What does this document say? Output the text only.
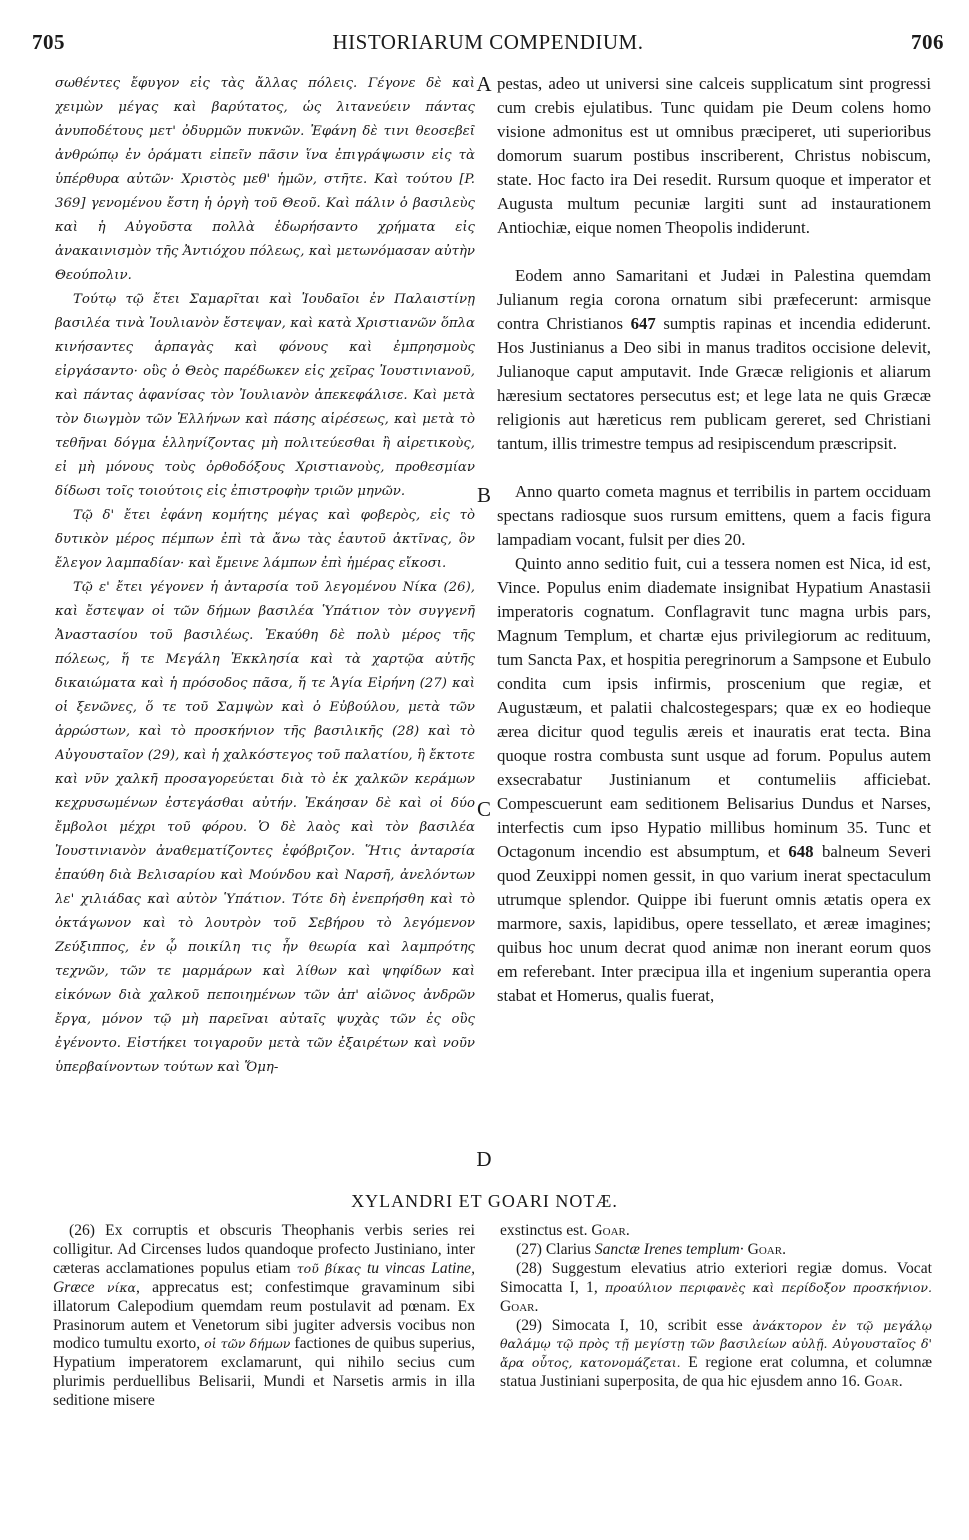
705	HISTORIARUM COMPENDIUM.	706

σωθέντες ἔφυγον εἰς τὰς ἄλλας πόλεις. Γέγονε δὲ καὶ χειμὼν μέγας καὶ βαρύτατος, ὡς λιτανεύειν πάντας ἀνυποδέτους μετ' ὀδυρμῶν πυκνῶν. Ἐφάνη δὲ τινι θεοσεβεῖ ἀνθρώπῳ ἐν ὁράματι εἰπεῖν πᾶσιν ἵνα ἐπιγράψωσιν εἰς τὰ ὑπέρθυρα αὐτῶν· Χριστὸς μεθ' ἡμῶν, στῆτε. Καὶ τούτου [P. 369] γενομένου ἔστη ἡ ὀργὴ τοῦ Θεοῦ. Καὶ πάλιν ὁ βασιλεὺς καὶ ἡ Αὐγοῦστα πολλὰ ἐδωρήσαντο χρήματα εἰς ἀνακαινισμὸν τῆς Ἀντιόχου πόλεως, καὶ μετωνόμασαν αὐτὴν Θεούπολιν.

Τούτῳ τῷ ἔτει Σαμαρῖται καὶ Ἰουδαῖοι ἐν Παλαιστίνῃ βασιλέα τινὰ Ἰουλιανὸν ἔστεψαν, καὶ κατὰ Χριστιανῶν ὅπλα κινήσαντες ἁρπαγὰς καὶ φόνους καὶ ἐμπρησμοὺς εἰργάσαντο· οὓς ὁ Θεὸς παρέδωκεν εἰς χεῖρας Ἰουστινιανοῦ, καὶ πάντας ἀφανίσας τὸν Ἰουλιανὸν ἀπεκεφάλισε. Καὶ μετὰ τὸν διωγμὸν τῶν Ἑλλήνων καὶ πάσης αἱρέσεως, καὶ μετὰ τὸ τεθῆναι δόγμα ἑλληνίζοντας μὴ πολιτεύεσθαι ἢ αἱρετικοὺς, εἰ μὴ μόνους τοὺς ὀρθοδόξους Χριστιανοὺς, προθεσμίαν δίδωσι τοῖς τοιούτοις εἰς ἐπιστροφὴν τριῶν μηνῶν.

Τῷ δ' ἔτει ἐφάνη κομήτης μέγας καὶ φοβερὸς, εἰς τὸ δυτικὸν μέρος πέμπων ἐπὶ τὰ ἄνω τὰς ἑαυτοῦ ἀκτῖνας, ὃν ἔλεγον λαμπαδίαν· καὶ ἔμεινε λάμπων ἐπὶ ἡμέρας εἴκοσι.

Τῷ ε' ἔτει γέγονεν ἡ ἀνταρσία τοῦ λεγομένου Νίκα (26), καὶ ἔστεψαν οἱ τῶν δήμων βασιλέα Ὑπάτιον τὸν συγγενῆ Ἀναστασίου τοῦ βασιλέως. Ἐκαύθη δὲ πολὺ μέρος τῆς πόλεως, ἥ τε Μεγάλη Ἐκκλησία καὶ τὰ χαρτῷα αὐτῆς δικαιώματα καὶ ἡ πρόσοδος πᾶσα, ἥ τε Ἁγία Εἰρήνη (27) καὶ οἱ ξενῶνες, ὅ τε τοῦ Σαμψὼν καὶ ὁ Εὐβούλου, μετὰ τῶν ἀρρώστων, καὶ τὸ προσκήνιον τῆς βασιλικῆς (28) καὶ τὸ Αὐγουσταῖον (29), καὶ ἡ χαλκόστεγος τοῦ παλατίου, ἣ ἔκτοτε καὶ νῦν χαλκῆ προσαγορεύεται διὰ τὸ ἐκ χαλκῶν κεράμων κεχρυσωμένων ἐστεγάσθαι αὐτήν. Ἐκάησαν δὲ καὶ οἱ δύο ἔμβολοι μέχρι τοῦ φόρου. Ὁ δὲ λαὸς καὶ τὸν βασιλέα Ἰουστινιανὸν ἀναθεματίζοντες ἐφόβριζον. Ἥτις ἀνταρσία ἐπαύθη διὰ Βελισαρίου καὶ Μούνδου καὶ Ναρσῆ, ἀνελόντων λε' χιλιάδας καὶ αὐτὸν Ὑπάτιον. Τότε δὴ ἐνεπρήσθη καὶ τὸ ὀκτάγωνον καὶ τὸ λουτρὸν τοῦ Σεβήρου τὸ λεγόμενον Ζεύξιππος, ἐν ᾧ ποικίλη τις ἦν θεωρία καὶ λαμπρότης τεχνῶν, τῶν τε μαρμάρων καὶ λίθων καὶ ψηφίδων καὶ εἰκόνων διὰ χαλκοῦ πεποιημένων τῶν ἀπ' αἰῶνος ἀνδρῶν ἔργα, μόνον τῷ μὴ παρεῖναι αὐταῖς ψυχὰς τῶν ἐς οὓς ἐγένοντο. Εἱστήκει τοιγαροῦν μετὰ τῶν ἐξαιρέτων καὶ νοῦν ὑπερβαίνοντων τούτων καὶ Ὅμη-

A
B
C
D

pestas, adeo ut universi sine calceis supplicatum sint progressi cum crebis ejulatibus. Tunc quidam pie Deum colens homo visione admonitus est ut omnibus præciperet, uti superioribus domorum suarum postibus inscriberent, Christus nobiscum, state. Hoc facto ira Dei resedit. Rursum quoque et imperator et Augusta multum pecuniæ largiti sunt ad instaurationem Antiochiæ, eique nomen Theopolis indiderunt.

Eodem anno Samaritani et Judæi in Palestina quemdam Julianum regia corona ornatum sibi præfecerunt: armisque contra Christianos 647 sumptis rapinas et incendia ediderunt. Hos Justinianus a Deo sibi in manus traditos occisione delevit, Julianoque caput amputavit. Inde Græcæ religionis et aliarum hæresium sectatores persecutus est; et lege lata ne quis Græcæ religionis aut hæreticus rem publicam gereret, sed Christiani tantum, illis trimestre tempus ad resipiscendum præscripsit.

Anno quarto cometa magnus et terribilis in partem occiduam spectans radiosque suos rursum emittens, quem a facis figura lampadiam vocant, fulsit per dies 20.

Quinto anno seditio fuit, cui a tessera nomen est Nica, id est, Vince. Populus enim diademate insignibat Hypatium Anastasii imperatoris cognatum. Conflagravit tunc magna urbis pars, Magnum Templum, et chartæ ejus privilegiorum ac redituum, tum Sancta Pax, et hospitia peregrinorum a Sampsone et Eubulo condita cum ipsis infirmis, proscenium que regiæ, et Augustæum, et palatii chalcostegespars; quæ ex eo hodieque ærea dicitur quod tegulis æreis et inauratis erat tecta. Bina quoque rostra combusta sunt usque ad forum. Populus autem exsecrabatur Justinianum et contumeliis afficiebat. Compescuerunt eam seditionem Belisarius Dundus et Narses, interfectis cum ipso Hypatio millibus hominum 35. Tunc et Octagonum incendio est absumptum, et 648 balneum Severi quod Zeuxippi nomen gessit, in quo varium inerat spectaculum utrumque splendor. Quippe ibi fuerunt omnis ætatis opera ex marmore, saxis, lapidibus, opere tessellato, et æreæ imagines; quibus hoc unum decrat quod animæ non inerant eorum quos em referebant. Inter præcipua illa et ingenium superantia opera stabat et Homerus, qualis fuerat,

XYLANDRI ET GOARI NOTÆ.

(26) Ex corruptis et obscuris Theophanis verbis series rei colligitur. Ad Circenses ludos quandoque profecto Justiniano, inter cæteras acclamationes populus etiam τοῦ βίκας tu vincas Latine, Græce νίκα, apprecatus est; confestimque gravaminum sibi illatorum Calepodium quemdam reum postulavit ad pœnam. Ex Prasinorum autem et Venetorum sibi jugiter adversis vocibus non modico tumultu exorto, οἱ τῶν δήμων factiones de quibus superius, Hypatium imperatorem exclamarunt, qui nihilo secius cum plurimis perduellibus Belisarii, Mundi et Narsetis armis in illa seditione misere

exstinctus est. Goar.

(27) Clarius Sanctæ Irenes templum· Goar.

(28) Suggestum elevatius atrio exteriori regiæ domus. Vocat Simocatta I, 1, προαύλιον περιφανὲς καὶ περίδοξον προσκήνιον. Goar.

(29) Simocata I, 10, scribit esse ἀνάκτορον ἐν τῷ μεγάλῳ θαλάμῳ τῷ πρὸς τῇ μεγίστῃ τῶν βασιλείων αὐλῇ. Αὐγουσταῖος δ' ἄρα οὗτος, κατονομάζεται. E regione erat columna, et columnæ statua Justiniani superposita, de qua hic ejusdem anno 16. Goar.
